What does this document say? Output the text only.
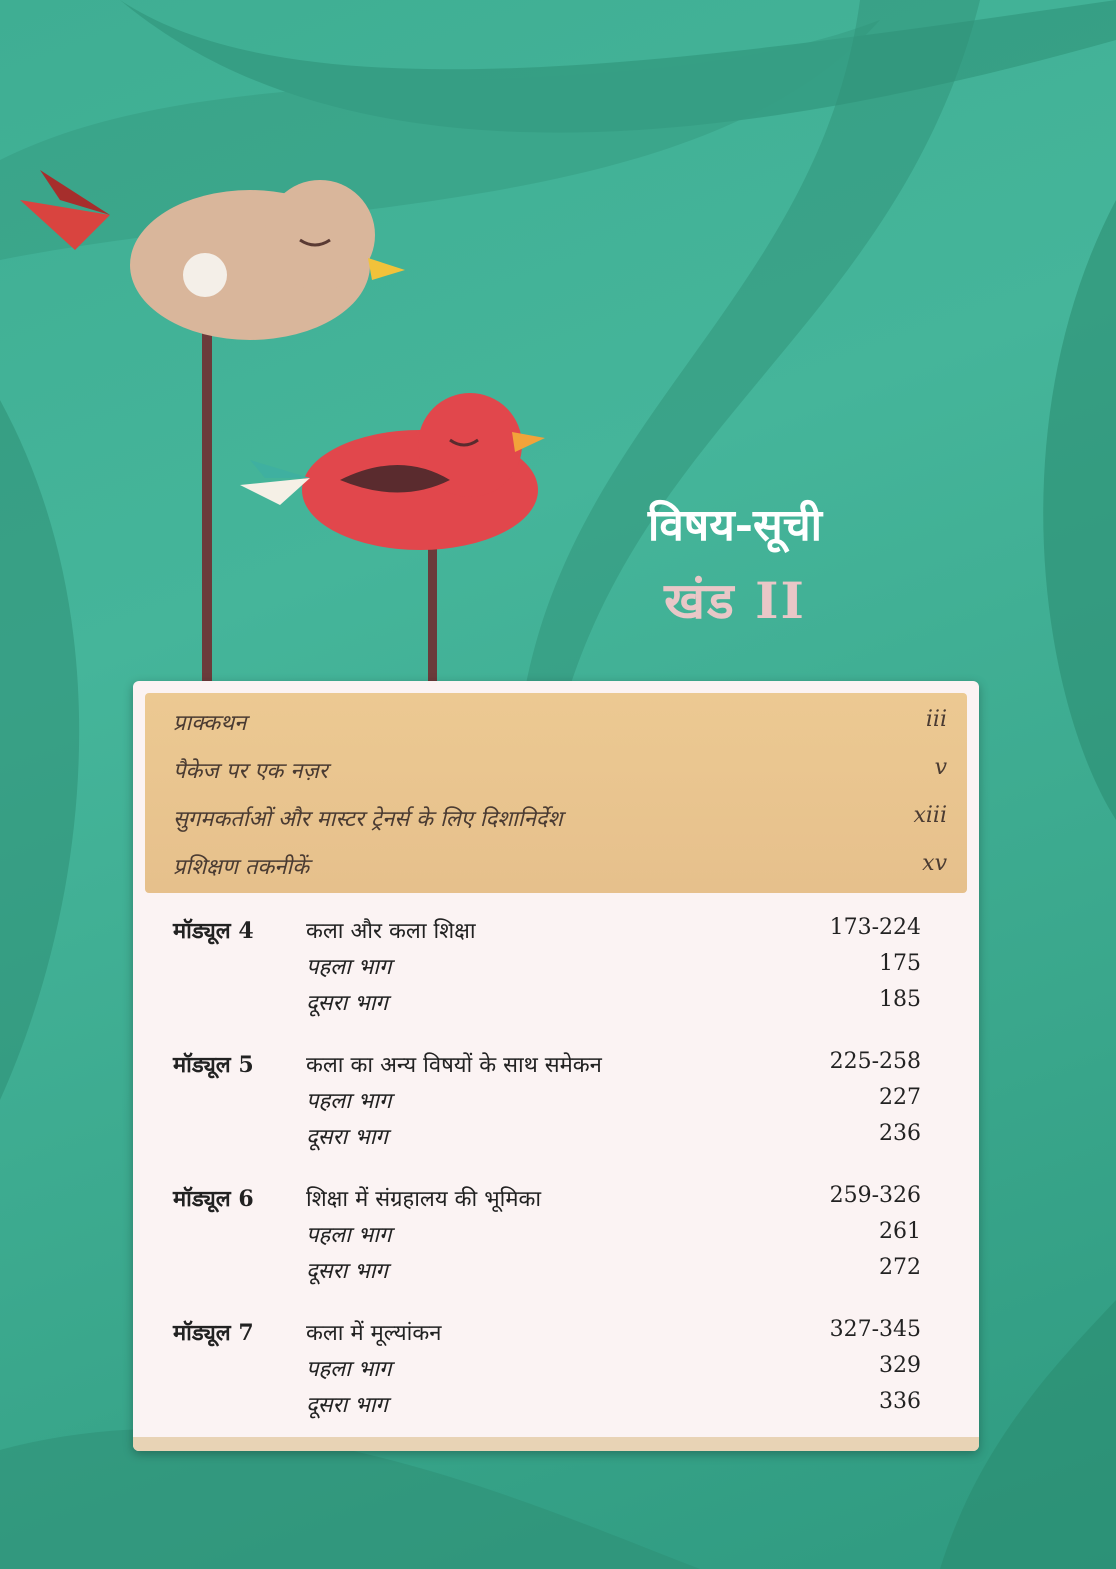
विषय-सूची
खंड II
प्राक्कथन	iii
पैकेज पर एक नज़र	v
सुगमकर्ताओं और मास्टर ट्रेनर्स के लिए दिशानिर्देश	xiii
प्रशिक्षण तकनीकें	xv
मॉड्यूल 4 कला और कला शिक्षा	173-224
पहला भाग	175
दूसरा भाग	185
मॉड्यूल 5 कला का अन्य विषयों के साथ समेकन	225-258
पहला भाग	227
दूसरा भाग	236
मॉड्यूल 6 शिक्षा में संग्रहालय की भूमिका	259-326
पहला भाग	261
दूसरा भाग	272
मॉड्यूल 7 कला में मूल्यांकन	327-345
पहला भाग	329
दूसरा भाग	336
